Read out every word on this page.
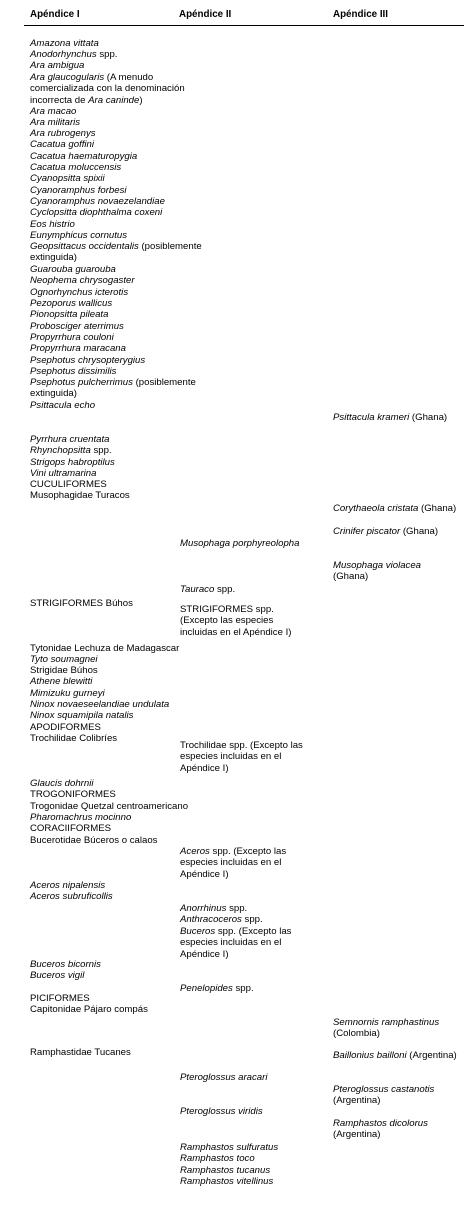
Apéndice I	Apéndice II	Apéndice III
Amazona vittata
Anodorhynchus spp.
Ara ambigua
Ara glaucogularis (A menudo comercializada con la denominación incorrecta de Ara caninde)
Ara macao
Ara militaris
Ara rubrogenys
Cacatua goffini
Cacatua haematuropygia
Cacatua moluccensis
Cyanopsitta spixii
Cyanoramphus forbesi
Cyanoramphus novaezelandiae
Cyclopsitta diophthalma coxeni
Eos histrio
Eunymphicus cornutus
Geopsittacus occidentalis (posiblemente extinguida)
Guarouba guarouba
Neophema chrysogaster
Ognorhynchus icterotis
Pezoporus wallicus
Pionopsitta pileata
Probosciger aterrimus
Propyrrhura couloni
Propyrrhura maracana
Psephotus chrysopterygius
Psephotus dissimilis
Psephotus pulcherrimus (posiblemente extinguida)
Psittacula echo
Pyrrhura cruentata
Rhynchopsitta spp.
Strigops habroptilus
Vini ultramarina
CUCULIFORMES
Musophagidae Turacos
STRIGIFORMES Búhos
Tytonidae Lechuza de Madagascar
Tyto soumagnei
Strigidae Búhos
Athene blewitti
Mimizuku gurneyi
Ninox novaeseelandiae undulata
Ninox squamipila natalis
APODIFORMES
Trochilidae Colibríes
Glaucis dohrnii
TROGONIFORMES
Trogonidae Quetzal centroamericano
Pharomachrus mocinno
CORACIIFORMES
Bucerotidae Búceros o calaos
Aceros nipalensis
Aceros subruficollis
Buceros bicornis
Buceros vigil
PICIFORMES
Capitonidae Pájaro compás
Ramphastidae Tucanes
Musophaga porphyreolopha
Tauraco spp.
STRIGIFORMES spp. (Excepto las especies incluidas en el Apéndice I)
Trochilidae spp. (Excepto las especies incluidas en el Apéndice I)
Aceros spp. (Excepto las especies incluidas en el Apéndice I)
Anorrhinus spp.
Anthracoceros spp.
Buceros spp. (Excepto las especies incluidas en el Apéndice I)
Penelopides spp.
Pteroglossus aracari
Pteroglossus viridis
Ramphastos sulfuratus
Ramphastos toco
Ramphastos tucanus
Ramphastos vitellinus
Psittacula krameri (Ghana)
Corythaeola cristata (Ghana)
Crinifer piscator (Ghana)
Musophaga violacea (Ghana)
Semnornis ramphastinus (Colombia)
Baillonius bailloni (Argentina)
Pteroglossus castanotis (Argentina)
Ramphastos dicolorus (Argentina)
